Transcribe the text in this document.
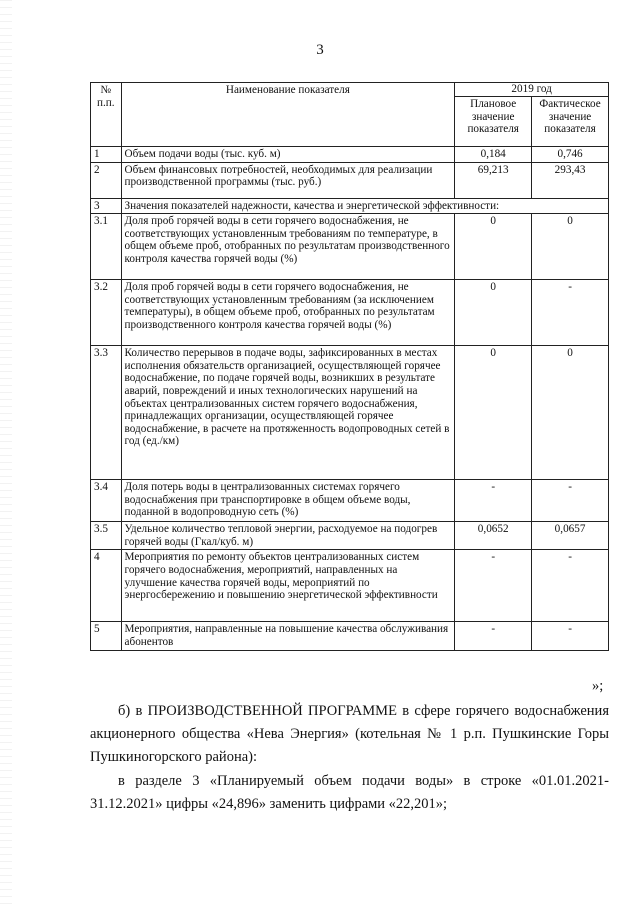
3
№
п.п.	Наименование показателя	2019 год	
		Плановое значение показателя	Фактическое значение показателя
1	Объем подачи воды (тыс. куб. м)	0,184	0,746
2	Объем финансовых потребностей, необходимых для реализации производственной программы (тыс. руб.)	69,213	293,43
3	Значения показателей надежности, качества и энергетической эффективности:		
3.1	Доля проб горячей воды в сети горячего водоснабжения, не соответствующих установленным требованиям по температуре, в общем объеме проб, отобранных по результатам производственного контроля качества горячей воды (%)	0	0
3.2	Доля проб горячей воды в сети горячего водоснабжения, не соответствующих установленным требованиям (за исключением температуры), в общем объеме проб, отобранных по результатам производственного контроля качества горячей воды (%)	0	-
3.3	Количество перерывов в подаче воды, зафиксированных в местах исполнения обязательств организацией, осуществляющей горячее водоснабжение, по подаче горячей воды, возникших в результате аварий, повреждений и иных технологических нарушений на объектах централизованных систем горячего водоснабжения, принадлежащих организации, осуществляющей горячее водоснабжение, в расчете на протяженность водопроводных сетей в год (ед./км)	0	0
3.4	Доля потерь воды в централизованных системах горячего водоснабжения при транспортировке в общем объеме воды, поданной в водопроводную сеть (%)	-	-
3.5	Удельное количество тепловой энергии, расходуемое на подогрев горячей воды (Гкал/куб. м)	0,0652	0,0657
4	Мероприятия по ремонту объектов централизованных систем горячего водоснабжения, мероприятий, направленных на улучшение качества горячей воды, мероприятий по энергосбережению и повышению энергетической эффективности	-	-
5	Мероприятия, направленные на повышение качества обслуживания абонентов	-	-
»;
б) в ПРОИЗВОДСТВЕННОЙ ПРОГРАММЕ в сфере горячего водоснабжения акционерного общества «Нева Энергия» (котельная № 1 р.п. Пушкинские Горы Пушкиногорского района):
в разделе 3 «Планируемый объем подачи воды» в строке «01.01.2021-31.12.2021» цифры «24,896» заменить цифрами «22,201»;
